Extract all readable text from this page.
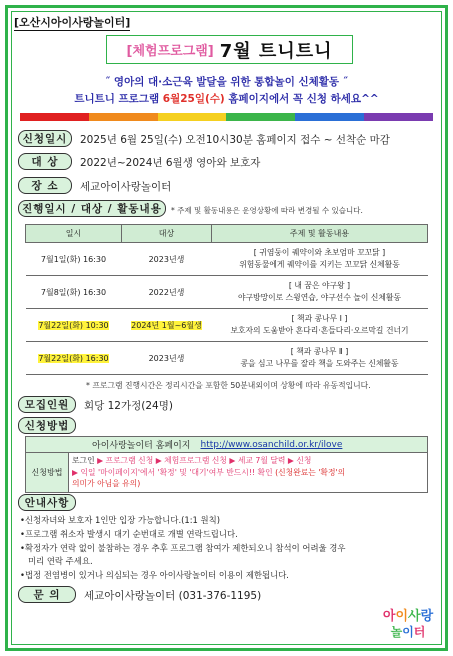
[오산시아이사랑놀이터]
[체험프로그램] 7월 트니트니
˝ 영아의 대·소근육 발달을 위한 통합놀이 신체활동 ˝
트니트니 프로그램 6월25일(수) 홈페이지에서 꼭 신청 하세요^^
신청일시	2025년 6월 25일(수) 오전10시30분 홈페이지 접수 ~ 선착순 마감
대 상	2022년~2024년 6월생 영아와 보호자
장 소	세교아이사랑놀이터
진행일시 / 대상 / 활동내용	* 주제 및 활동내용은 운영상황에 따라 변경될 수 있습니다.
일시	대상	주제 및 활동내용
7월1일(화) 16:30	2023년생	[ 귀염둥이 퀘약이와 초보엄마 꼬꼬닭 ]
위험동물에게 퀘약이를 지키는 꼬꼬닭 신체활동

7월8일(화) 16:30	2022년생	[ 내 꿈은 야구왕 ]
야구방망이로 스윙연습, 야구선수 놀이 신체활동

7월22일(화) 10:30	2024년 1월~6월생	[ 책과 콩나무 Ⅰ ]
보호자의 도움받아 흔다리·흔들다리·오르막길 건너기

7월22일(화) 16:30	2023년생	[ 책과 콩나무 Ⅱ ]
콩을 심고 나무를 잘라 책을 도와주는 신체활동
* 프로그램 진행시간은 정리시간을 포함한 50분내외이며 상황에 따라 유동적입니다.
모집인원	회당 12가정(24명)
신청방법
아이사랑놀이터 홈페이지 http://www.osanchild.or.kr/ilove
신청방법
로그인 ▶ 프로그램 신청 ▶ 체험프로그램 신청 ▶ 세교 7월 달력 ▶ 신청
▶ 익일 '마이페이지'에서 '확정' 및 '대기'여부 반드시!! 확인 (신청완료는 '확정'의
의미가 아님을 유의)
안내사항
•신청자녀와 보호자 1인만 입장 가능합니다.(1:1 원칙)
•프로그램 취소자 발생시 대기 순번대로 개별 연락드립니다.
•확정자가 연락 없이 불참하는 경우 추후 프로그램 참여가 제한되오니 참석이 어려울 경우
미리 연락 주세요.
•법정 전염병이 있거나 의심되는 경우 아이사랑놀이터 이용이 제한됩니다.
문 의	세교아이사랑놀이터 (031-376-1195)
아이사랑
놀이터
